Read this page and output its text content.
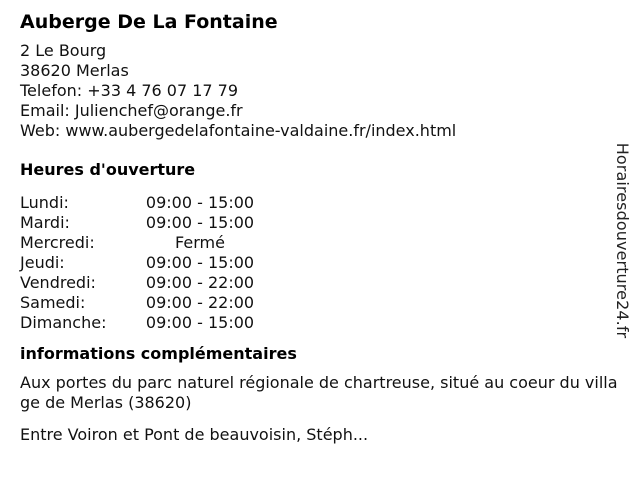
Auberge De La Fontaine
2 Le Bourg
38620 Merlas
Telefon: +33 4 76 07 17 79
Email: Julienchef@orange.fr
Web: www.aubergedelafontaine-valdaine.fr/index.html
Heures d'ouverture
Lundi:	09:00 - 15:00
Mardi:	09:00 - 15:00
Mercredi:	Fermé
Jeudi:	09:00 - 15:00
Vendredi:	09:00 - 22:00
Samedi:	09:00 - 22:00
Dimanche:	09:00 - 15:00
informations complémentaires
Aux portes du parc naturel régionale de chartreuse, situé au coeur du village de Merlas (38620)
Entre Voiron et Pont de beauvoisin, Stéph...
Horairesdouverture24.fr
